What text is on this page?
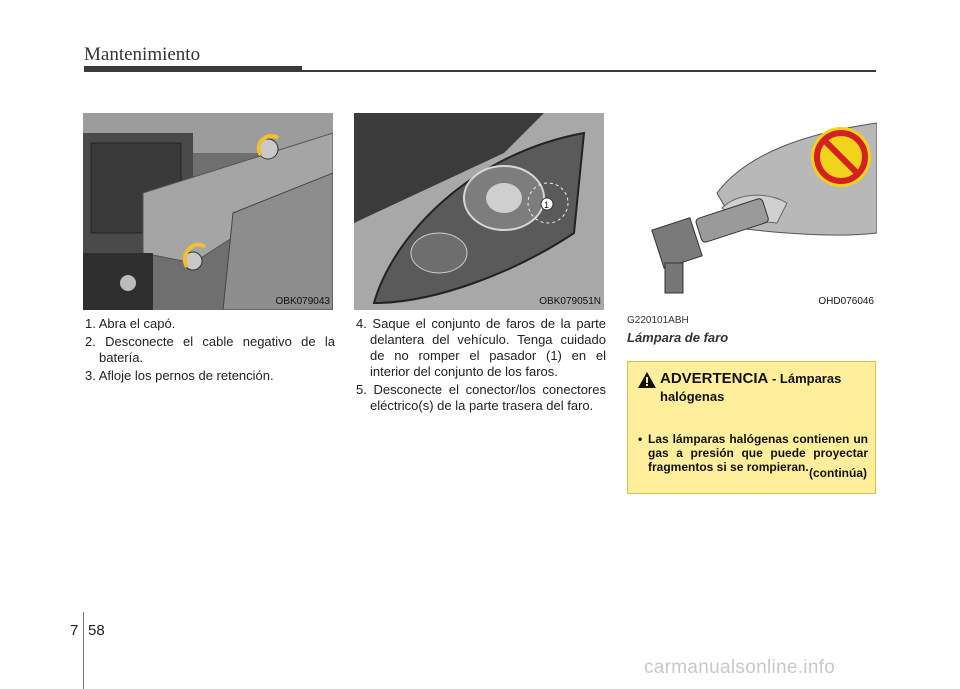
Mantenimiento
OBK079043
1
OBK079051N	OHD076046

1. Abra el capó.

2. Desconecte el cable negativo de la batería.

3. Afloje los pernos de retención.

4. Saque el conjunto de faros de la parte delantera del vehículo. Tenga cuidado de no romper el pasador (1) en el interior del conjunto de los faros.

5. Desconecte el conector/los conectores eléctrico(s) de la parte trasera del faro.

G220101ABH
Lámpara de faro
ADVERTENCIA - Lámparas halógenas
• Las lámparas halógenas contienen un gas a presión que puede proyectar fragmentos si se rompieran. (continúa)
7 58
carmanualsonline.info
